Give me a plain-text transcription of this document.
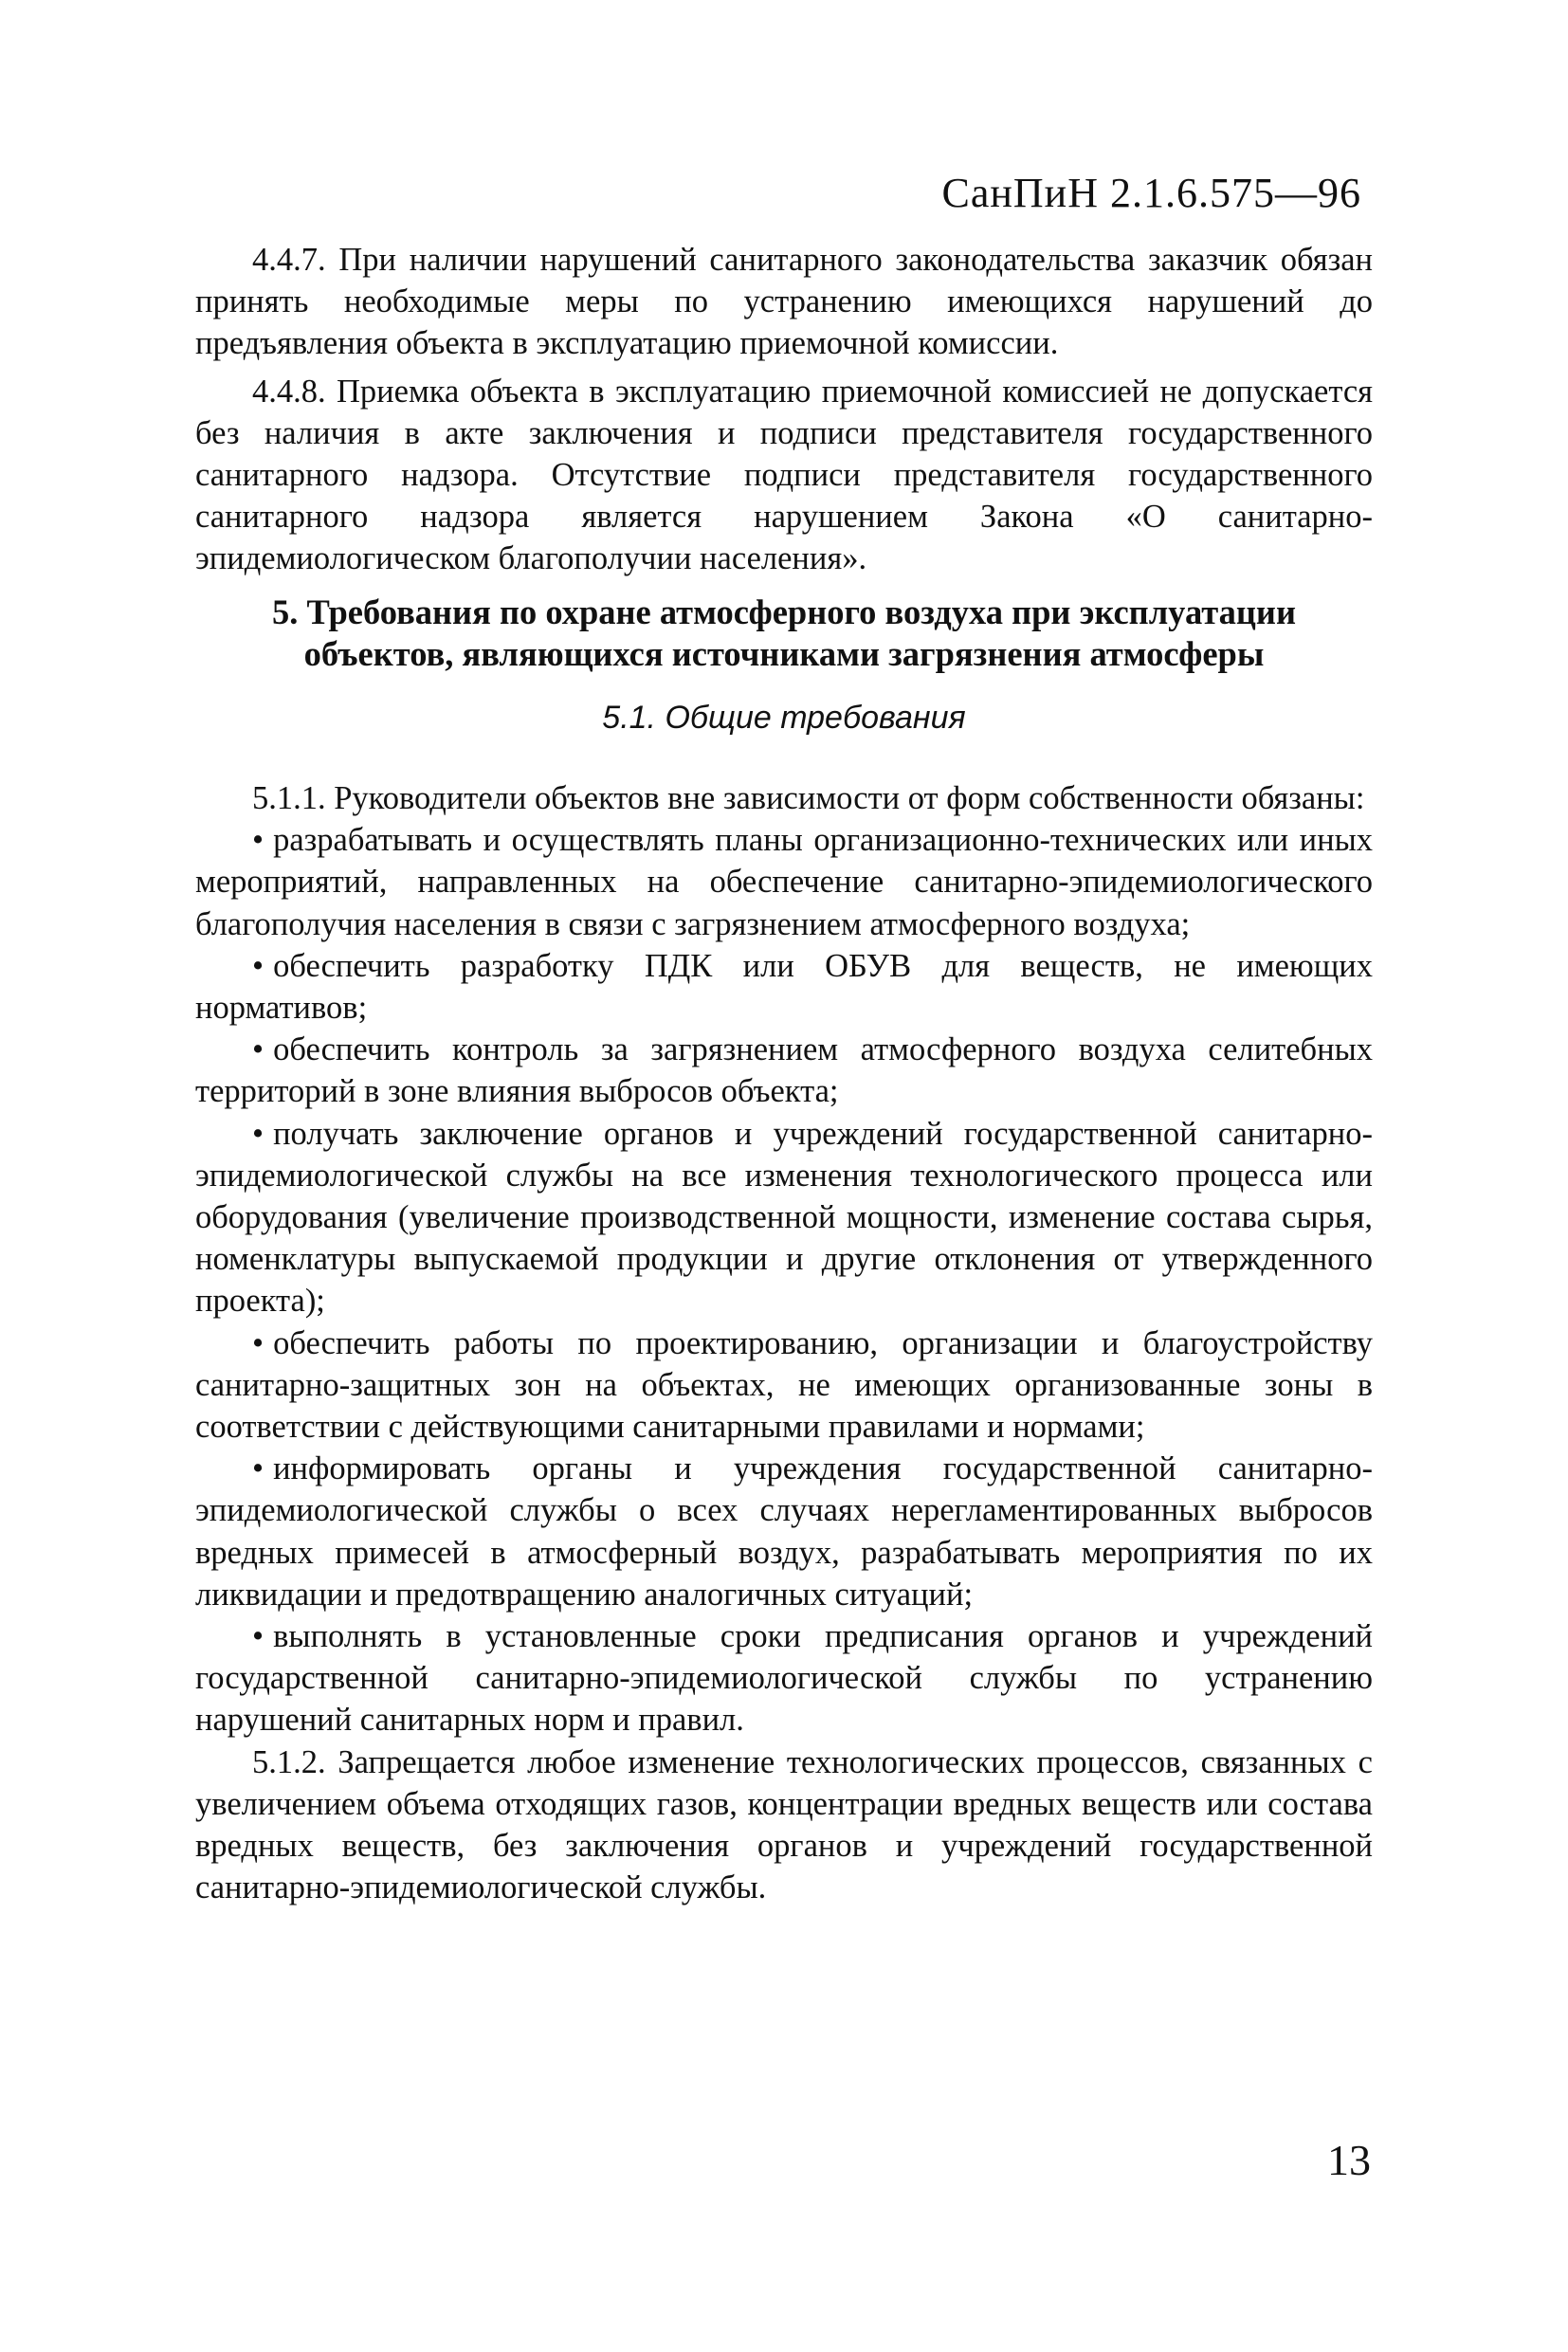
СанПиН 2.1.6.575—96

4.4.7. При наличии нарушений санитарного законодательства заказчик обязан принять необходимые меры по устранению имеющихся нарушений до предъявления объекта в эксплуатацию приемочной комиссии.

4.4.8. Приемка объекта в эксплуатацию приемочной комиссией не допускается без наличия в акте заключения и подписи представителя государственного санитарного надзора. Отсутствие подписи представителя государственного санитарного надзора является нарушением Закона «О санитарно-эпидемиологическом благополучии населения».

5. Требования по охране атмосферного воздуха при эксплуатации объектов, являющихся источниками загрязнения атмосферы
5.1. Общие требования

5.1.1. Руководители объектов вне зависимости от форм собственности обязаны:

• разрабатывать и осуществлять планы организационно-технических или иных мероприятий, направленных на обеспечение санитарно-эпидемиологического благополучия населения в связи с загрязнением атмосферного воздуха;

• обеспечить разработку ПДК или ОБУВ для веществ, не имеющих нормативов;

• обеспечить контроль за загрязнением атмосферного воздуха селитебных территорий в зоне влияния выбросов объекта;

• получать заключение органов и учреждений государственной санитарно-эпидемиологической службы на все изменения технологического процесса или оборудования (увеличение производственной мощности, изменение состава сырья, номенклатуры выпускаемой продукции и другие отклонения от утвержденного проекта);

• обеспечить работы по проектированию, организации и благоустройству санитарно-защитных зон на объектах, не имеющих организованные зоны в соответствии с действующими санитарными правилами и нормами;

• информировать органы и учреждения государственной санитарно-эпидемиологической службы о всех случаях нерегламентированных выбросов вредных примесей в атмосферный воздух, разрабатывать мероприятия по их ликвидации и предотвращению аналогичных ситуаций;

• выполнять в установленные сроки предписания органов и учреждений государственной санитарно-эпидемиологической службы по устранению нарушений санитарных норм и правил.

5.1.2. Запрещается любое изменение технологических процессов, связанных с увеличением объема отходящих газов, концентрации вредных веществ или состава вредных веществ, без заключения органов и учреждений государственной санитарно-эпидемиологической службы.

13
